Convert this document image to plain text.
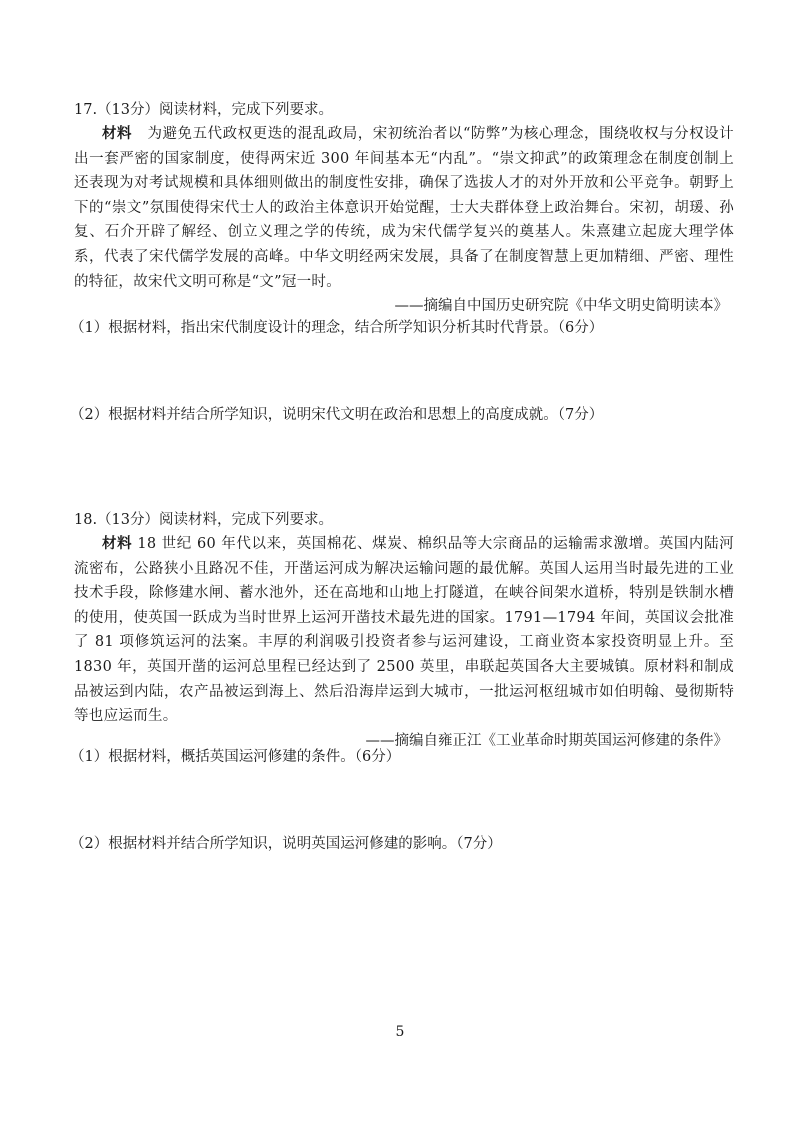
17.（13分）阅读材料，完成下列要求。
材料 为避免五代政权更迭的混乱政局，宋初统治者以“防弊”为核心理念，围绕收权与分权设计出一套严密的国家制度，使得两宋近 300 年间基本无“内乱”。“崇文抑武”的政策理念在制度创制上还表现为对考试规模和具体细则做出的制度性安排，确保了选拔人才的对外开放和公平竞争。朝野上下的“崇文”氛围使得宋代士人的政治主体意识开始觉醒，士大夫群体登上政治舞台。宋初，胡瑗、孙复、石介开辟了解经、创立义理之学的传统，成为宋代儒学复兴的奠基人。朱熹建立起庞大理学体系，代表了宋代儒学发展的高峰。中华文明经两宋发展，具备了在制度智慧上更加精细、严密、理性的特征，故宋代文明可称是“文”冠一时。
——摘编自中国历史研究院《中华文明史简明读本》
（1）根据材料，指出宋代制度设计的理念，结合所学知识分析其时代背景。（6分）
（2）根据材料并结合所学知识，说明宋代文明在政治和思想上的高度成就。（7分）
18.（13分）阅读材料，完成下列要求。
材料 18 世纪 60 年代以来，英国棉花、煤炭、棉织品等大宗商品的运输需求激增。英国内陆河流密布，公路狭小且路况不佳，开凿运河成为解决运输问题的最优解。英国人运用当时最先进的工业技术手段，除修建水闸、蓄水池外，还在高地和山地上打隧道，在峡谷间架水道桥，特别是铁制水槽的使用，使英国一跃成为当时世界上运河开凿技术最先进的国家。1791—1794 年间，英国议会批准了 81 项修筑运河的法案。丰厚的利润吸引投资者参与运河建设，工商业资本家投资明显上升。至 1830 年，英国开凿的运河总里程已经达到了 2500 英里，串联起英国各大主要城镇。原材料和制成品被运到内陆，农产品被运到海上、然后沿海岸运到大城市，一批运河枢纽城市如伯明翰、曼彻斯特等也应运而生。
——摘编自雍正江《工业革命时期英国运河修建的条件》
（1）根据材料，概括英国运河修建的条件。（6分）
（2）根据材料并结合所学知识，说明英国运河修建的影响。（7分）
5
